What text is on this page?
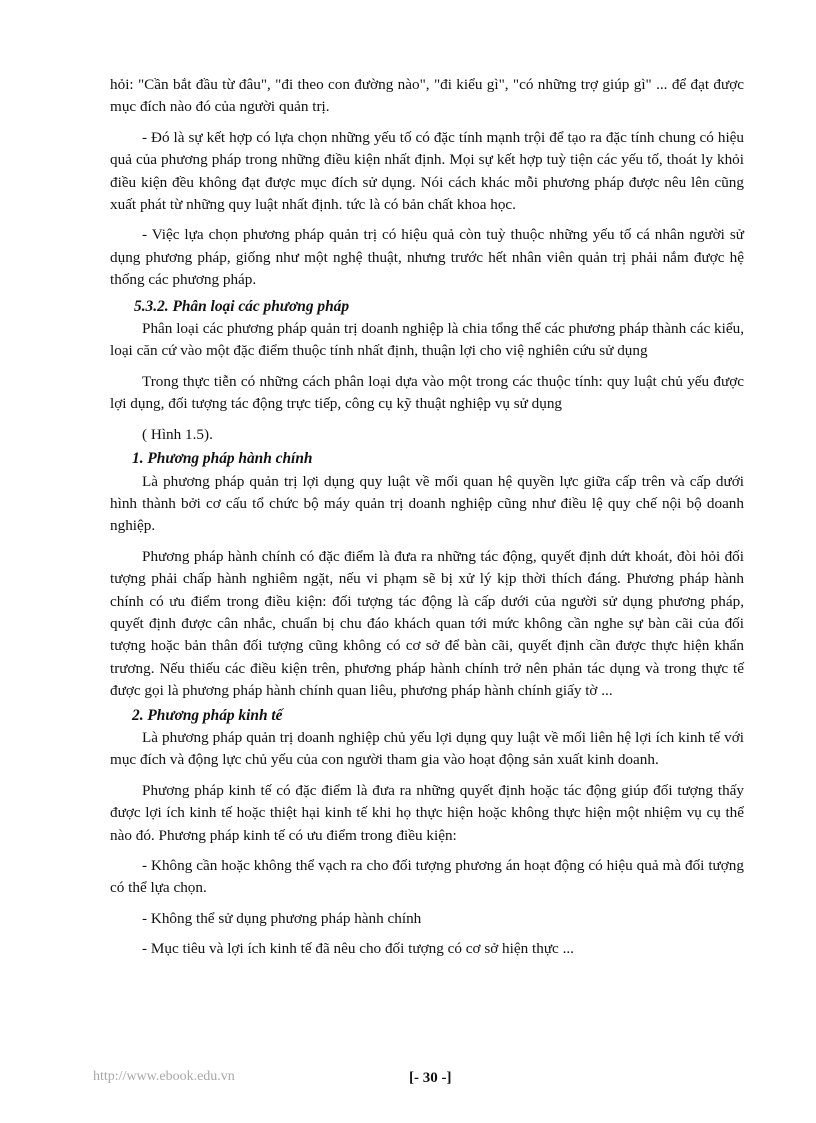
hỏi: "Cần bắt đầu từ đâu", "đi theo con đường nào", "đi kiểu gì", "có những trợ giúp gì" ... để đạt được mục đích nào đó của người quản trị.

- Đó là sự kết hợp có lựa chọn những yếu tố có đặc tính mạnh trội để tạo ra đặc tính chung có hiệu quả của phương pháp trong những điều kiện nhất định. Mọi sự kết hợp tuỳ tiện các yếu tố, thoát ly khỏi điều kiện đều không đạt được mục đích sử dụng. Nói cách khác mỗi phương pháp được nêu lên cũng xuất phát từ những quy luật nhất định. tức là có bản chất khoa học.

- Việc lựa chọn phương pháp quản trị có hiệu quả còn tuỳ thuộc những yếu tố cá nhân người sử dụng phương pháp, giống như một nghệ thuật, nhưng trước hết nhân viên quản trị phải nắm được hệ thống các phương pháp.

5.3.2. Phân loại các phương pháp

Phân loại các phương pháp quản trị doanh nghiệp là chia tổng thể các phương pháp thành các kiểu, loại căn cứ vào một đặc điểm thuộc tính nhất định, thuận lợi cho việ nghiên cứu sử dụng

Trong thực tiễn có những cách phân loại dựa vào một trong các thuộc tính: quy luật chủ yếu được lợi dụng, đối tượng tác động trực tiếp, công cụ kỹ thuật nghiệp vụ sử dụng

( Hình 1.5).

1. Phương pháp hành chính

Là phương pháp quản trị lợi dụng quy luật về mối quan hệ quyền lực giữa cấp trên và cấp dưới hình thành bởi cơ cấu tổ chức bộ máy quản trị doanh nghiệp cũng như điều lệ quy chế nội bộ doanh nghiệp.

Phương pháp hành chính có đặc điểm là đưa ra những tác động, quyết định dứt khoát, đòi hỏi đối tượng phải chấp hành nghiêm ngặt, nếu vi phạm sẽ bị xử lý kịp thời thích đáng. Phương pháp hành chính có ưu điểm trong điều kiện: đối tượng tác động là cấp dưới của người sử dụng phương pháp, quyết định được cân nhắc, chuẩn bị chu đáo khách quan tới mức không cần nghe sự bàn cãi của đối tượng hoặc bản thân đối tượng cũng không có cơ sở để bàn cãi, quyết định cần được thực hiện khẩn trương. Nếu thiếu các điều kiện trên, phương pháp hành chính trở nên phản tác dụng và trong thực tế được gọi là phương pháp hành chính quan liêu, phương pháp hành chính giấy tờ ...

2. Phương pháp kinh tế

Là phương pháp quản trị doanh nghiệp chủ yếu lợi dụng quy luật về mối liên hệ lợi ích kinh tế với mục đích và động lực chủ yếu của con người tham gia vào hoạt động sản xuất kinh doanh.

Phương pháp kinh tế có đặc điểm là đưa ra những quyết định hoặc tác động giúp đối tượng thấy được lợi ích kinh tế hoặc thiệt hại kinh tế khi họ thực hiện hoặc không thực hiện một nhiệm vụ cụ thể nào đó. Phương pháp kinh tế có ưu điểm trong điều kiện:

- Không cần hoặc không thể vạch ra cho đối tượng phương án hoạt động có hiệu quả mà đối tượng có thể lựa chọn.

- Không thể sử dụng phương pháp hành chính

- Mục tiêu và lợi ích kinh tế đã nêu cho đối tượng có cơ sở hiện thực ...

http://www.ebook.edu.vn	[- 30 -]
